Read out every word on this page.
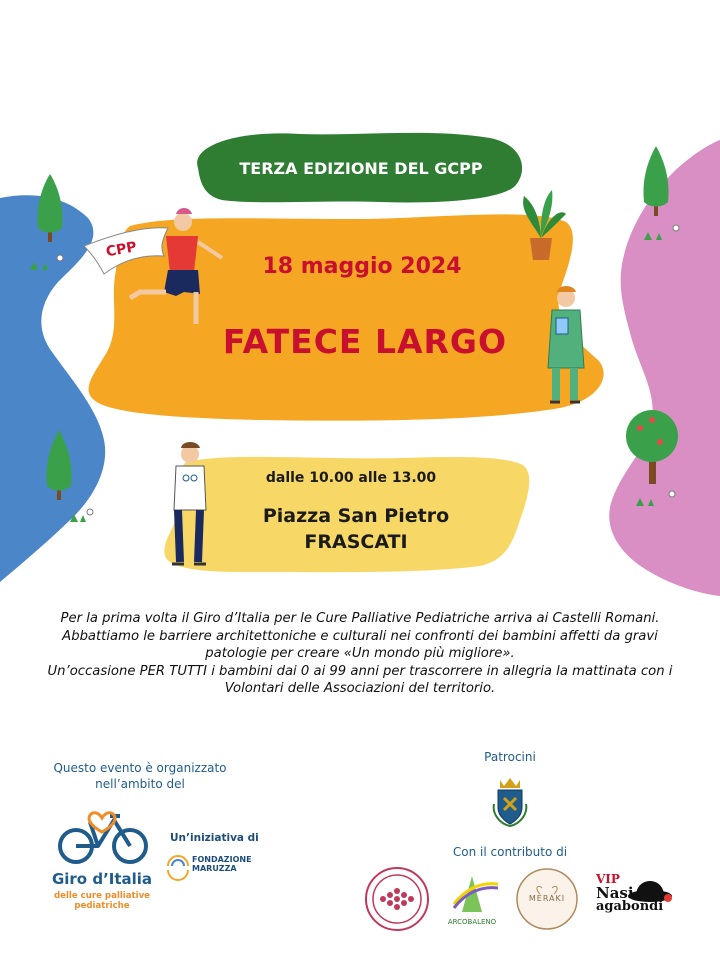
CPP
TERZA EDIZIONE DEL GCPP
18 maggio 2024
FATECE LARGO
dalle 10.00 alle 13.00
Piazza San Pietro
FRASCATI

Per la prima volta il Giro d’Italia per le Cure Palliative Pediatriche arriva ai Castelli Romani.

Abbattiamo le barriere architettoniche e culturali nei confronti dei bambini affetti da gravi patologie per creare «Un mondo più migliore».

Un’occasione PER TUTTI i bambini dai 0 ai 99 anni per trascorrere in allegria la mattinata con i Volontari delle Associazioni del territorio.

Questo evento è organizzato
nell’ambito del
Giro d’Italia
delle cure palliative
pediatriche
Un’iniziativa di
FONDAZIONE
MARUZZA
Patrocini
Con il contributo di
ARCOBALENO
MERAKI
VIP
Nasi
agabondi
